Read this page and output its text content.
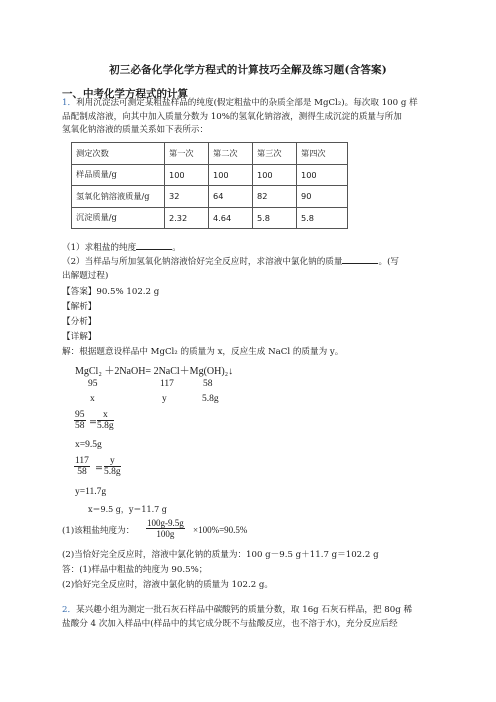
初三必备化学化学方程式的计算技巧全解及练习题(含答案)
一、中考化学方程式的计算
1．利用沉淀法可测定某粗盐样品的纯度(假定粗盐中的杂质全部是 MgCl₂)。每次取 100 g 样
品配制成溶液，向其中加入质量分数为 10%的氢氧化钠溶液，测得生成沉淀的质量与所加
氢氧化钠溶液的质量关系如下表所示：
测定次数	第一次	第二次	第三次	第四次
样品质量/g	100	100	100	100
氢氧化钠溶液质量/g	32	64	82	90
沉淀质量/g	2.32	4.64	5.8	5.8
（1）求粗盐的纯度	。
（2）当样品与所加氢氧化钠溶液恰好完全反应时，求溶液中氯化钠的质量	。(写
出解题过程)
【答案】90.5% 102.2 g
【解析】
【分析】
【详解】
解：根据题意设样品中 MgCl₂ 的质量为 x，反应生成 NaCl 的质量为 y。
MgCl₂ ＋2NaOH= 2NaCl＋Mg(OH)₂↓
95	117	58
x	y	5.8g
$\frac{95}{58} = \frac{x}{5.8g}$
x=9.5g
$\frac{117}{58} = \frac{y}{5.8g}$
y=11.7g
x＝9.5 g，y＝11.7 g
(1)该粗盐纯度为：	$\frac{100g-9.5g}{100g} \times 100\%=90.5\%$
(2)当恰好完全反应时，溶液中氯化钠的质量为：100 g－9.5 g＋11.7 g＝102.2 g
答：(1)样品中粗盐的纯度为 90.5%；
(2)恰好完全反应时，溶液中氯化钠的质量为 102.2 g。
2．某兴趣小组为测定一批石灰石样品中碳酸钙的质量分数，取 16g 石灰石样品，把 80g 稀
盐酸分 4 次加入样品中(样品中的其它成分既不与盐酸反应，也不溶于水)，充分反应后经
